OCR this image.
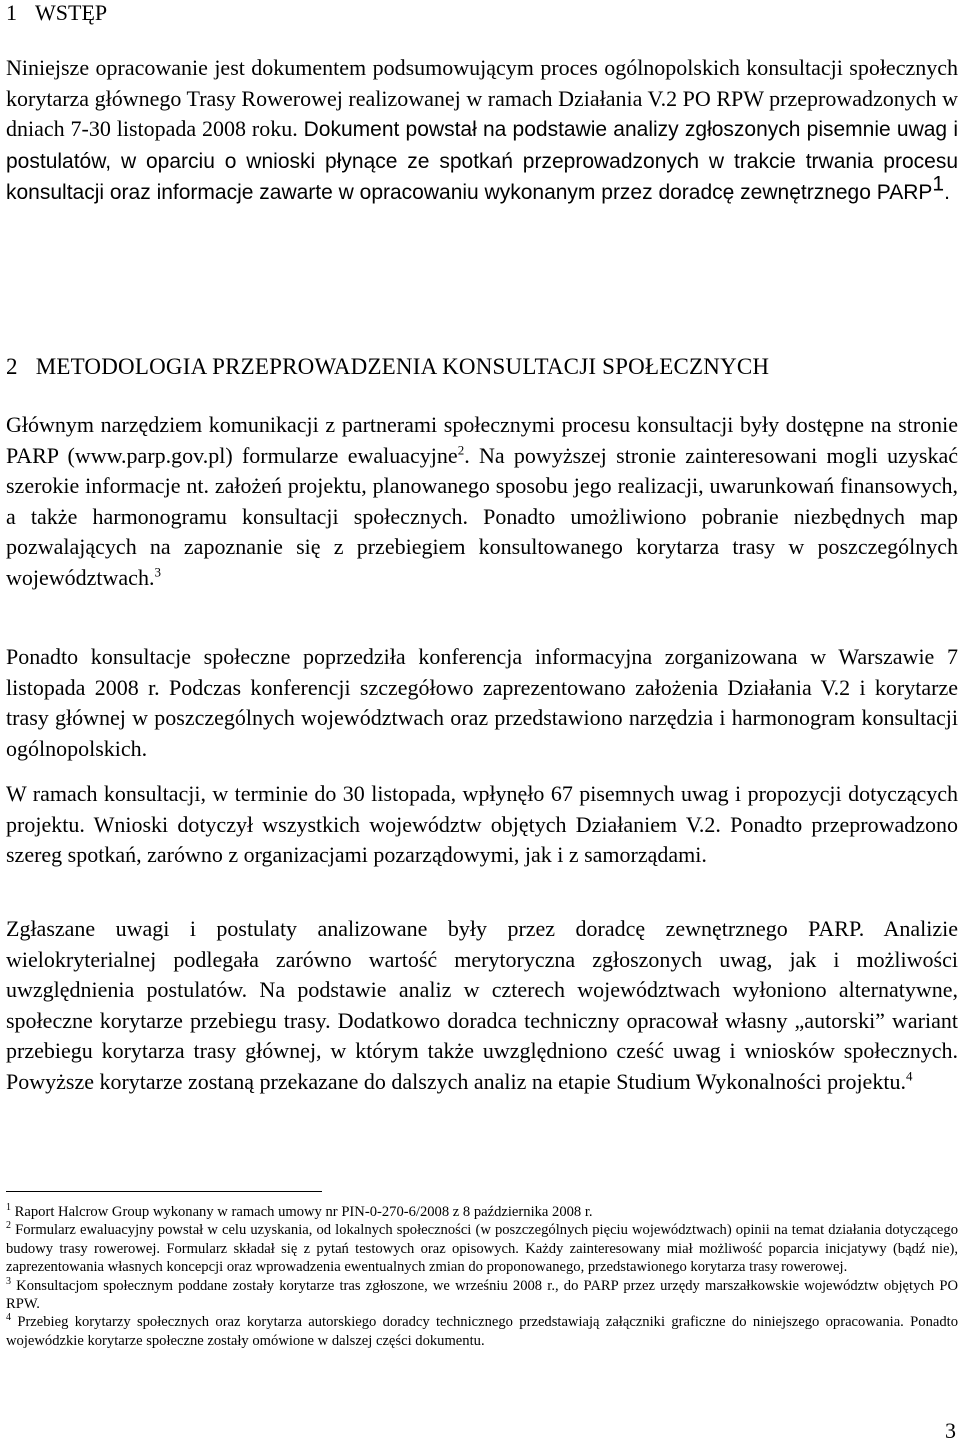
1 WSTĘP

Niniejsze opracowanie jest dokumentem podsumowującym proces ogólnopolskich konsultacji społecznych korytarza głównego Trasy Rowerowej realizowanej w ramach Działania V.2 PO RPW przeprowadzonych w dniach 7-30 listopada 2008 roku. Dokument powstał na podstawie analizy zgłoszonych pisemnie uwag i postulatów, w oparciu o wnioski płynące ze spotkań przeprowadzonych w trakcie trwania procesu konsultacji oraz informacje zawarte w opracowaniu wykonanym przez doradcę zewnętrznego PARP$^1$.

2 METODOLOGIA PRZEPROWADZENIA KONSULTACJI SPOŁECZNYCH

Głównym narzędziem komunikacji z partnerami społecznymi procesu konsultacji były dostępne na stronie PARP (www.parp.gov.pl) formularze ewaluacyjne$^2$. Na powyższej stronie zainteresowani mogli uzyskać szerokie informacje nt. założeń projektu, planowanego sposobu jego realizacji, uwarunkowań finansowych, a także harmonogramu konsultacji społecznych. Ponadto umożliwiono pobranie niezbędnych map pozwalających na zapoznanie się z przebiegiem konsultowanego korytarza trasy w poszczególnych województwach.$^3$

Ponadto konsultacje społeczne poprzedziła konferencja informacyjna zorganizowana w Warszawie 7 listopada 2008 r. Podczas konferencji szczegółowo zaprezentowano założenia Działania V.2 i korytarze trasy głównej w poszczególnych województwach oraz przedstawiono narzędzia i harmonogram konsultacji ogólnopolskich.

W ramach konsultacji, w terminie do 30 listopada, wpłynęło 67 pisemnych uwag i propozycji dotyczących projektu. Wnioski dotyczył wszystkich województw objętych Działaniem V.2. Ponadto przeprowadzono szereg spotkań, zarówno z organizacjami pozarządowymi, jak i z samorządami.

Zgłaszane uwagi i postulaty analizowane były przez doradcę zewnętrznego PARP. Analizie wielokryterialnej podlegała zarówno wartość merytoryczna zgłoszonych uwag, jak i możliwości uwzględnienia postulatów. Na podstawie analiz w czterech województwach wyłoniono alternatywne, społeczne korytarze przebiegu trasy. Dodatkowo doradca techniczny opracował własny „autorski” wariant przebiegu korytarza trasy głównej, w którym także uwzględniono cześć uwag i wniosków społecznych. Powyższe korytarze zostaną przekazane do dalszych analiz na etapie Studium Wykonalności projektu.$^4$

$^1$ Raport Halcrow Group wykonany w ramach umowy nr PIN-0-270-6/2008 z 8 października 2008 r.

$^2$ Formularz ewaluacyjny powstał w celu uzyskania, od lokalnych społeczności (w poszczególnych pięciu województwach) opinii na temat działania dotyczącego budowy trasy rowerowej. Formularz składał się z pytań testowych oraz opisowych. Każdy zainteresowany miał możliwość poparcia inicjatywy (bądź nie), zaprezentowania własnych koncepcji oraz wprowadzenia ewentualnych zmian do proponowanego, przedstawionego korytarza trasy rowerowej.

$^3$ Konsultacjom społecznym poddane zostały korytarze tras zgłoszone, we wrześniu 2008 r., do PARP przez urzędy marszałkowskie województw objętych PO RPW.

$^4$ Przebieg korytarzy społecznych oraz korytarza autorskiego doradcy technicznego przedstawiają załączniki graficzne do niniejszego opracowania. Ponadto wojewódzkie korytarze społeczne zostały omówione w dalszej części dokumentu.

3
